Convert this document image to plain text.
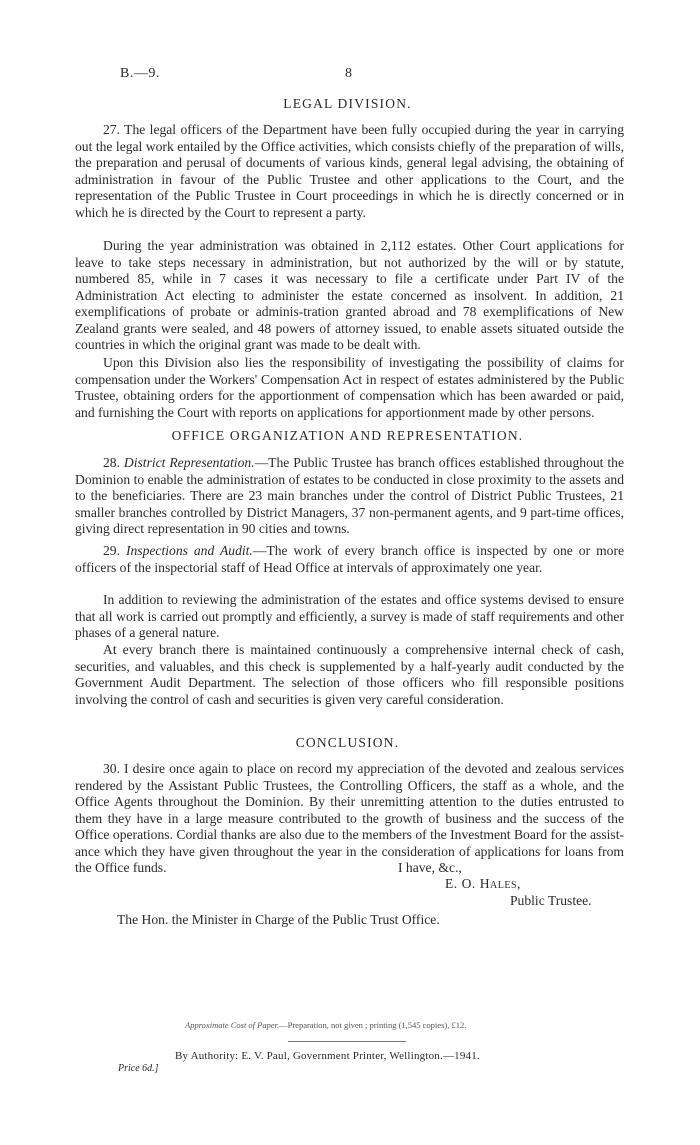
B.—9.	8
LEGAL DIVISION.

27. The legal officers of the Department have been fully occupied during the year in carrying out the legal work entailed by the Office activities, which consists chiefly of the preparation of wills, the preparation and perusal of documents of various kinds, general legal advising, the obtaining of administration in favour of the Public Trustee and other applications to the Court, and the representation of the Public Trustee in Court proceedings in which he is directly concerned or in which he is directed by the Court to represent a party.

During the year administration was obtained in 2,112 estates. Other Court applications for leave to take steps necessary in administration, but not authorized by the will or by statute, numbered 85, while in 7 cases it was necessary to file a certificate under Part IV of the Administration Act electing to administer the estate concerned as insolvent. In addition, 21 exemplifications of probate or adminis-tration granted abroad and 78 exemplifications of New Zealand grants were sealed, and 48 powers of attorney issued, to enable assets situated outside the countries in which the original grant was made to be dealt with.

Upon this Division also lies the responsibility of investigating the possibility of claims for compensation under the Workers' Compensation Act in respect of estates administered by the Public Trustee, obtaining orders for the apportionment of compensation which has been awarded or paid, and furnishing the Court with reports on applications for apportionment made by other persons.

OFFICE ORGANIZATION AND REPRESENTATION.

28. District Representation.—The Public Trustee has branch offices established throughout the Dominion to enable the administration of estates to be conducted in close proximity to the assets and to the beneficiaries. There are 23 main branches under the control of District Public Trustees, 21 smaller branches controlled by District Managers, 37 non-permanent agents, and 9 part-time offices, giving direct representation in 90 cities and towns.

29. Inspections and Audit.—The work of every branch office is inspected by one or more officers of the inspectorial staff of Head Office at intervals of approximately one year.

In addition to reviewing the administration of the estates and office systems devised to ensure that all work is carried out promptly and efficiently, a survey is made of staff requirements and other phases of a general nature.

At every branch there is maintained continuously a comprehensive internal check of cash, securities, and valuables, and this check is supplemented by a half-yearly audit conducted by the Government Audit Department. The selection of those officers who fill responsible positions involving the control of cash and securities is given very careful consideration.

CONCLUSION.

30. I desire once again to place on record my appreciation of the devoted and zealous services rendered by the Assistant Public Trustees, the Controlling Officers, the staff as a whole, and the Office Agents throughout the Dominion. By their unremitting attention to the duties entrusted to them they have in a large measure contributed to the growth of business and the success of the Office operations. Cordial thanks are also due to the members of the Investment Board for the assist-ance which they have given throughout the year in the consideration of applications for loans from the Office funds.	I have, &c.,
E. O. Hales,
Public Trustee.
The Hon. the Minister in Charge of the Public Trust Office.
Approximate Cost of Paper.—Preparation, not given ; printing (1,545 copies), £12.
By Authority: E. V. Paul, Government Printer, Wellington.—1941.
Price 6d.]
